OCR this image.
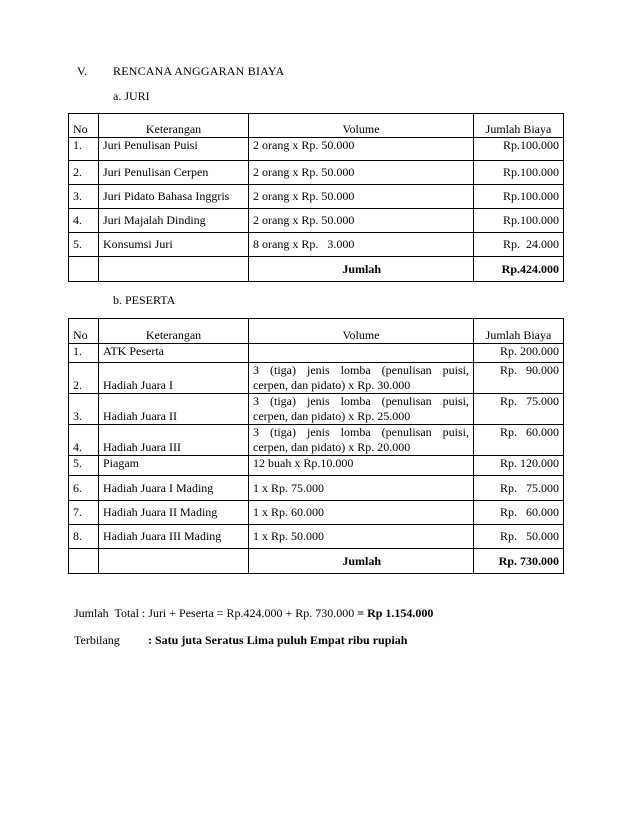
V. RENCANA ANGGARAN BIAYA
a. JURI
No	Keterangan	Volume	Jumlah Biaya
1.	Juri Penulisan Puisi	2 orang x Rp. 50.000	Rp.100.000
2.	Juri Penulisan Cerpen	2 orang x Rp. 50.000	Rp.100.000
3.	Juri Pidato Bahasa Inggris	2 orang x Rp. 50.000	Rp.100.000
4.	Juri Majalah Dinding	2 orang x Rp. 50.000	Rp.100.000
5.	Konsumsi Juri	8 orang x Rp.   3.000	Rp.  24.000
		Jumlah	Rp.424.000
b. PESERTA
No	Keterangan	Volume	Jumlah Biaya
1.	ATK Peserta		Rp. 200.000
2.	Hadiah Juara I	3 (tiga) jenis lomba (penulisan puisi,
cerpen, dan pidato) x Rp. 30.000	Rp.   90.000
3.	Hadiah Juara II	3 (tiga) jenis lomba (penulisan puisi,
cerpen, dan pidato) x Rp. 25.000	Rp.   75.000
4.	Hadiah Juara III	3 (tiga) jenis lomba (penulisan puisi,
cerpen, dan pidato) x Rp. 20.000	Rp.   60.000
5.	Piagam	12 buah x Rp.10.000	Rp. 120.000
6.	Hadiah Juara I Mading	1 x Rp. 75.000	Rp.   75.000
7.	Hadiah Juara II Mading	1 x Rp. 60.000	Rp.   60.000
8.	Hadiah Juara III Mading	1 x Rp. 50.000	Rp.   50.000
		Jumlah	Rp. 730.000
Jumlah  Total : Juri + Peserta = Rp.424.000 + Rp. 730.000 = Rp 1.154.000
Terbilang : Satu juta Seratus Lima puluh Empat ribu rupiah
